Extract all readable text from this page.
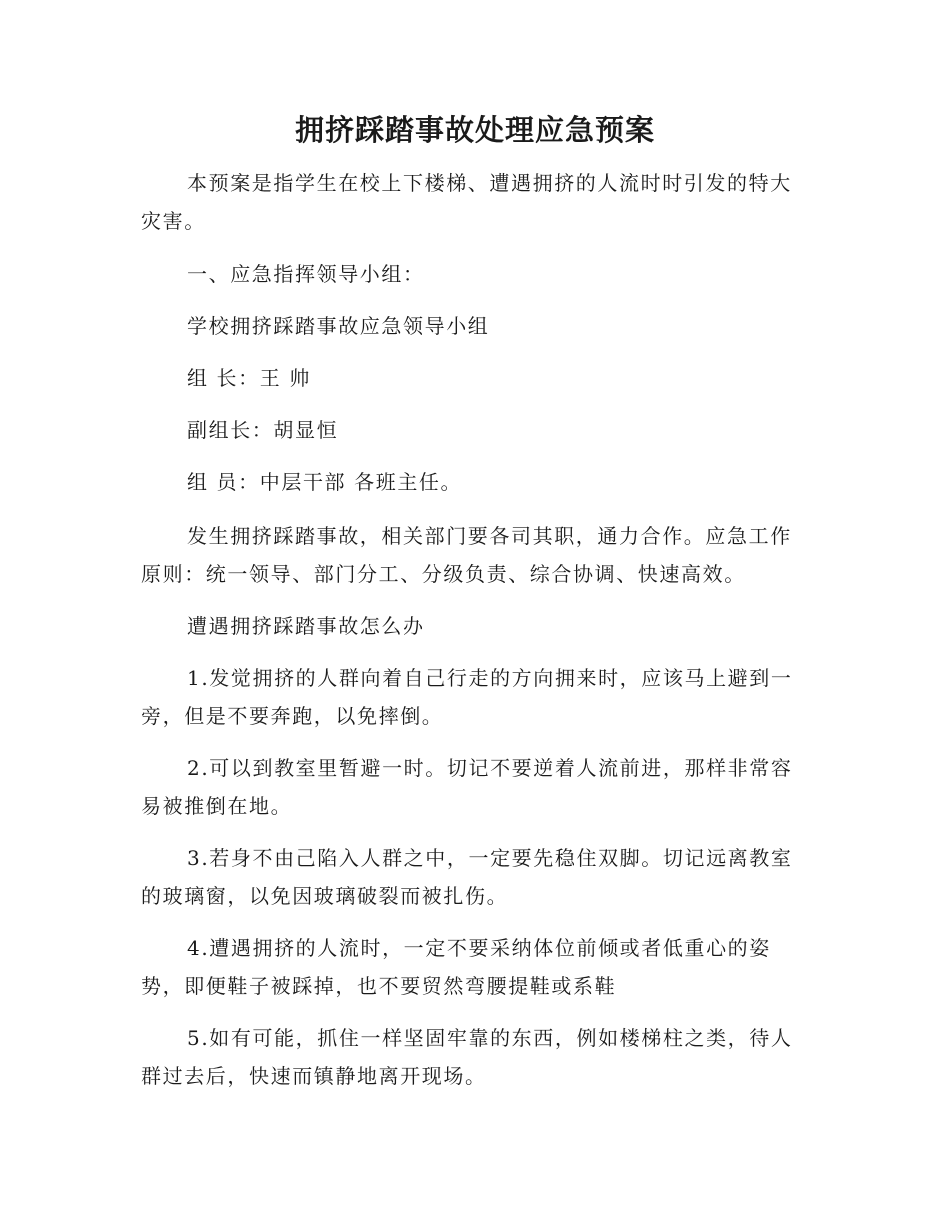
拥挤踩踏事故处理应急预案

本预案是指学生在校上下楼梯、遭遇拥挤的人流时时引发的特大灾害。

一、应急指挥领导小组：

学校拥挤踩踏事故应急领导小组

组 长：王 帅

副组长：胡显恒

组 员：中层干部 各班主任。

发生拥挤踩踏事故，相关部门要各司其职，通力合作。应急工作原则：统一领导、部门分工、分级负责、综合协调、快速高效。

遭遇拥挤踩踏事故怎么办

1.发觉拥挤的人群向着自己行走的方向拥来时，应该马上避到一旁，但是不要奔跑，以免摔倒。

2.可以到教室里暂避一时。切记不要逆着人流前进，那样非常容易被推倒在地。

3.若身不由己陷入人群之中，一定要先稳住双脚。切记远离教室的玻璃窗，以免因玻璃破裂而被扎伤。

4.遭遇拥挤的人流时，一定不要采纳体位前倾或者低重心的姿势，即便鞋子被踩掉，也不要贸然弯腰提鞋或系鞋

5.如有可能，抓住一样坚固牢靠的东西，例如楼梯柱之类，待人群过去后，快速而镇静地离开现场。
